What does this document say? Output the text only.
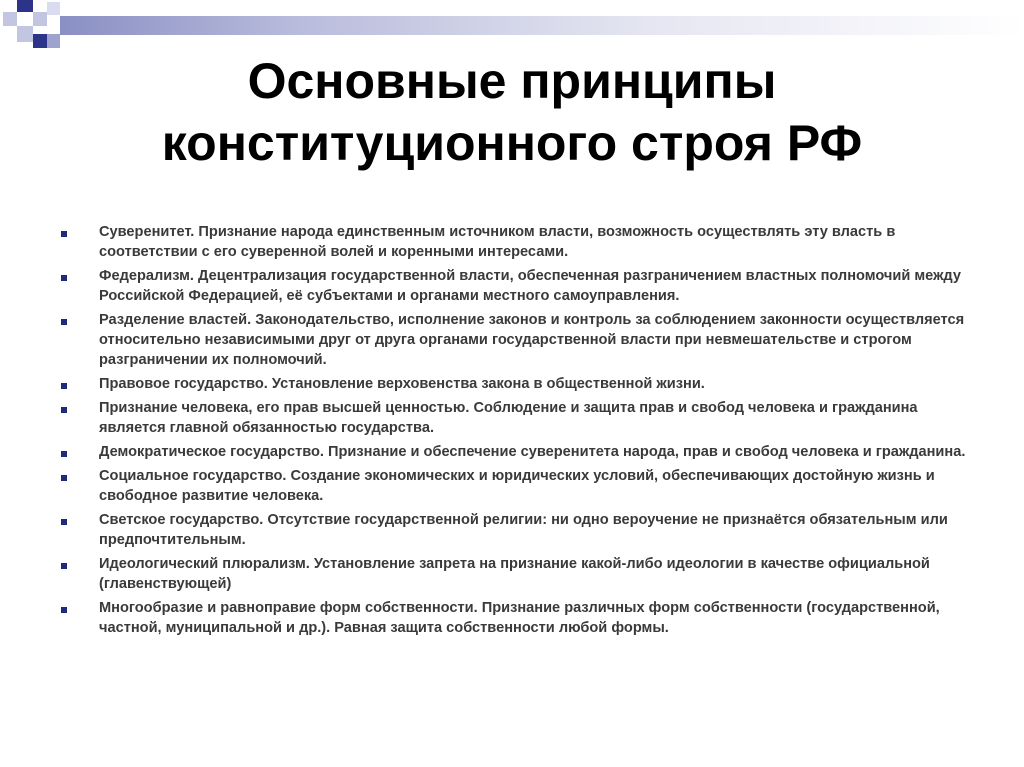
Основные принципы
конституционного строя РФ
Суверенитет. Признание народа единственным источником власти, возможность осуществлять эту власть в соответствии с его суверенной волей и коренными интересами.
Федерализм. Децентрализация государственной власти, обеспеченная разграничением властных полномочий между Российской Федерацией, её субъектами и органами местного самоуправления.
Разделение властей. Законодательство, исполнение законов и контроль за соблюдением законности осуществляется относительно независимыми друг от друга органами государственной власти при невмешательстве и строгом разграничении их полномочий.
Правовое государство. Установление верховенства закона в общественной жизни.
Признание человека, его прав высшей ценностью. Соблюдение и защита прав и свобод человека и гражданина является главной обязанностью государства.
Демократическое государство. Признание и обеспечение суверенитета народа, прав и свобод человека и гражданина.
Социальное государство. Создание экономических и юридических условий, обеспечивающих достойную жизнь и свободное развитие человека.
Светское государство. Отсутствие государственной религии: ни одно вероучение не признаётся обязательным или предпочтительным.
Идеологический плюрализм. Установление запрета на признание какой-либо идеологии в качестве официальной (главенствующей)
Многообразие и равноправие форм собственности. Признание различных форм собственности (государственной, частной, муниципальной и др.). Равная защита собственности любой формы.
